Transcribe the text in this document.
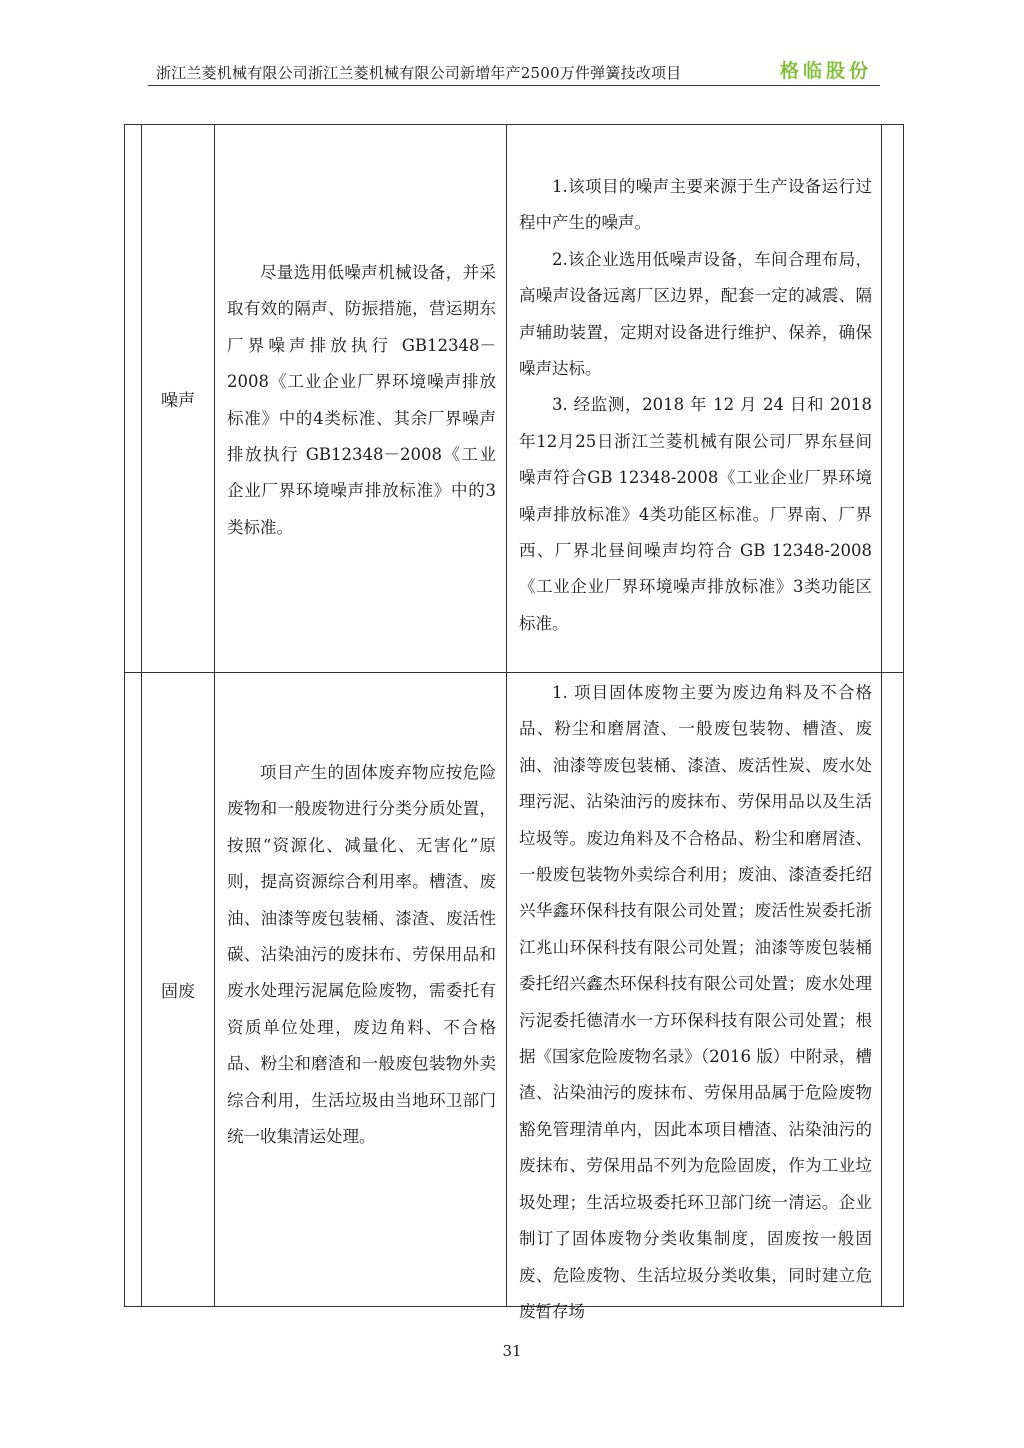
浙江兰菱机械有限公司浙江兰菱机械有限公司新增年产2500万件弹簧技改项目	格临股份

噪声	尽量选用低噪声机械设备，并采取有效的隔声、防振措施，营运期东厂界噪声排放执行 GB12348－2008《工业企业厂界环境噪声排放标准》中的4类标准、其余厂界噪声排放执行 GB12348－2008《工业企业厂界环境噪声排放标准》中的3类标准。	1.该项目的噪声主要来源于生产设备运行过程中产生的噪声。

2.该企业选用低噪声设备，车间合理布局，高噪声设备远离厂区边界，配套一定的减震、隔声辅助装置，定期对设备进行维护、保养，确保噪声达标。

3. 经监测，2018 年 12 月 24 日和 2018 年12月25日浙江兰菱机械有限公司厂界东昼间噪声符合GB 12348-2008《工业企业厂界环境噪声排放标准》4类功能区标准。厂界南、厂界西、厂界北昼间噪声均符合 GB 12348-2008《工业企业厂界环境噪声排放标准》3类功能区标准。	

固废	项目产生的固体废弃物应按危险废物和一般废物进行分类分质处置，按照“资源化、减量化、无害化”原则，提高资源综合利用率。槽渣、废油、油漆等废包装桶、漆渣、废活性碳、沾染油污的废抹布、劳保用品和废水处理污泥属危险废物，需委托有资质单位处理，废边角料、不合格品、粉尘和磨渣和一般废包装物外卖综合利用，生活垃圾由当地环卫部门统一收集清运处理。	1. 项目固体废物主要为废边角料及不合格品、粉尘和磨屑渣、一般废包装物、槽渣、废油、油漆等废包装桶、漆渣、废活性炭、废水处理污泥、沾染油污的废抹布、劳保用品以及生活垃圾等。废边角料及不合格品、粉尘和磨屑渣、一般废包装物外卖综合利用；废油、漆渣委托绍兴华鑫环保科技有限公司处置；废活性炭委托浙江兆山环保科技有限公司处置；油漆等废包装桶委托绍兴鑫杰环保科技有限公司处置；废水处理污泥委托德清水一方环保科技有限公司处置；根据《国家危险废物名录》（2016 版）中附录，槽渣、沾染油污的废抹布、劳保用品属于危险废物豁免管理清单内，因此本项目槽渣、沾染油污的废抹布、劳保用品不列为危险固废，作为工业垃圾处理；生活垃圾委托环卫部门统一清运。企业制订了固体废物分类收集制度，固废按一般固废、危险废物、生活垃圾分类收集，同时建立危废暂存场	

31
